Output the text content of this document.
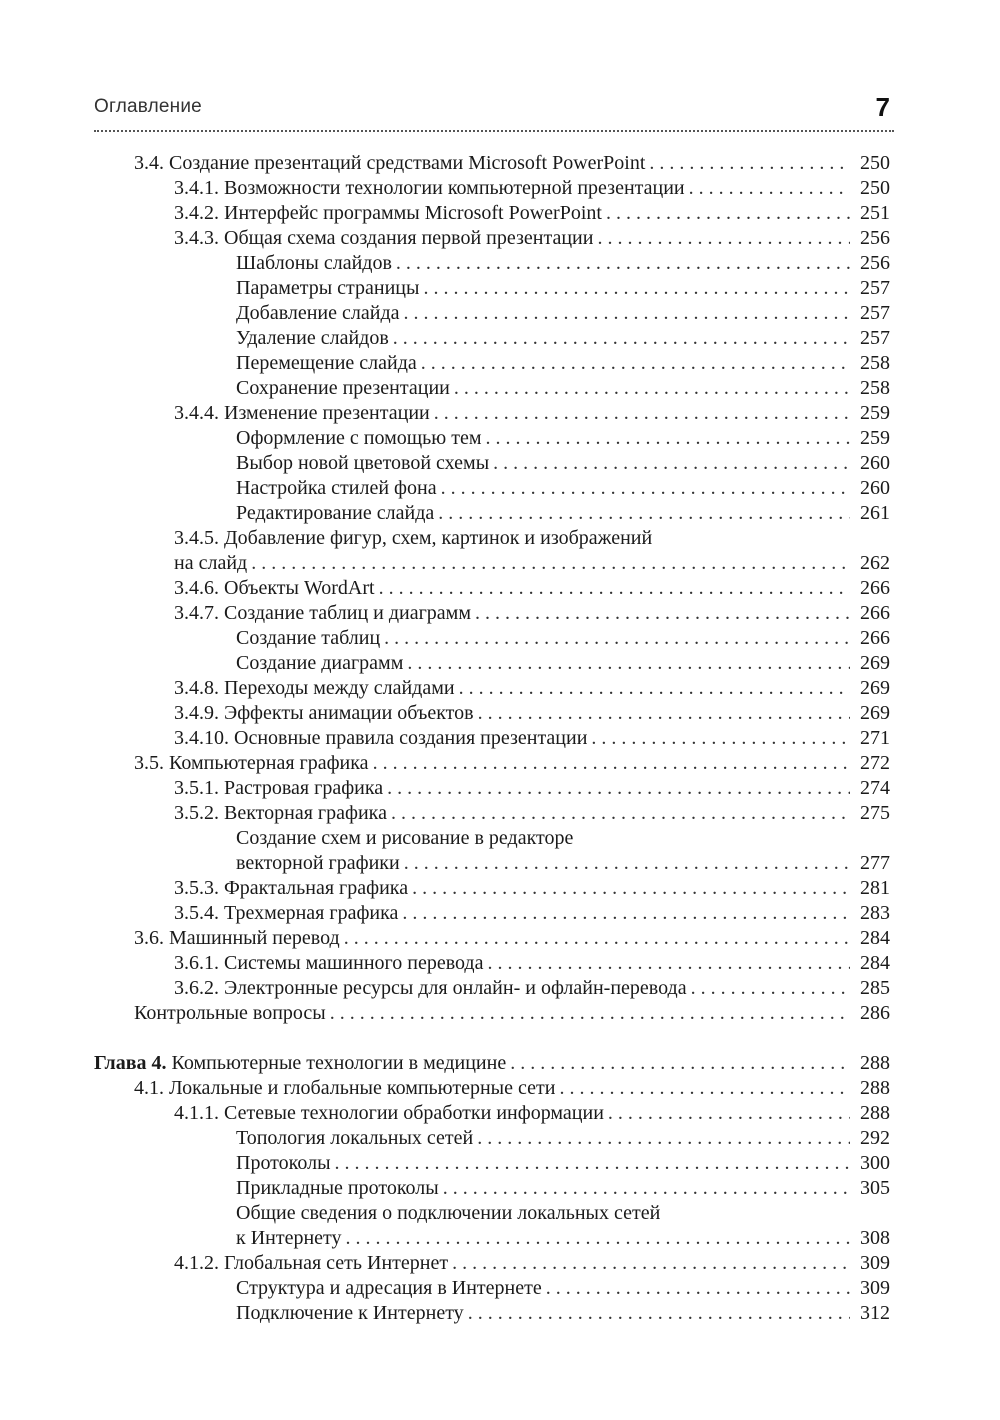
Оглавление	7
3.4. Создание презентаций средствами Microsoft PowerPoint . . .	250
3.4.1. Возможности технологии компьютерной презентации . . .	250
3.4.2. Интерфейс программы Microsoft PowerPoint . . .	251
3.4.3. Общая схема создания первой презентации . . .	256
Шаблоны слайдов . . .	256
Параметры страницы . . .	257
Добавление слайда . . .	257
Удаление слайдов . . .	257
Перемещение слайда . . .	258
Сохранение презентации . . .	258
3.4.4. Изменение презентации . . .	259
Оформление с помощью тем . . .	259
Выбор новой цветовой схемы . . .	260
Настройка стилей фона . . .	260
Редактирование слайда . . .	261
3.4.5. Добавление фигур, схем, картинок и изображений
на слайд . . .	262
3.4.6. Объекты WordArt . . .	266
3.4.7. Создание таблиц и диаграмм . . .	266
Создание таблиц . . .	266
Создание диаграмм . . .	269
3.4.8. Переходы между слайдами . . .	269
3.4.9. Эффекты анимации объектов . . .	269
3.4.10. Основные правила создания презентации . . .	271
3.5. Компьютерная графика . . .	272
3.5.1. Растровая графика . . .	274
3.5.2. Векторная графика . . .	275
Создание схем и рисование в редакторе
векторной графики . . .	277
3.5.3. Фрактальная графика . . .	281
3.5.4. Трехмерная графика . . .	283
3.6. Машинный перевод . . .	284
3.6.1. Системы машинного перевода . . .	284
3.6.2. Электронные ресурсы для онлайн- и офлайн-перевода . . .	285
Контрольные вопросы . . .	286
Глава 4. Компьютерные технологии в медицине . . .	288
4.1. Локальные и глобальные компьютерные сети . . .	288
4.1.1. Сетевые технологии обработки информации . . .	288
Топология локальных сетей . . .	292
Протоколы . . .	300
Прикладные протоколы . . .	305
Общие сведения о подключении локальных сетей
к Интернету . . .	308
4.1.2. Глобальная сеть Интернет . . .	309
Структура и адресация в Интернете . . .	309
Подключение к Интернету . . .	312
